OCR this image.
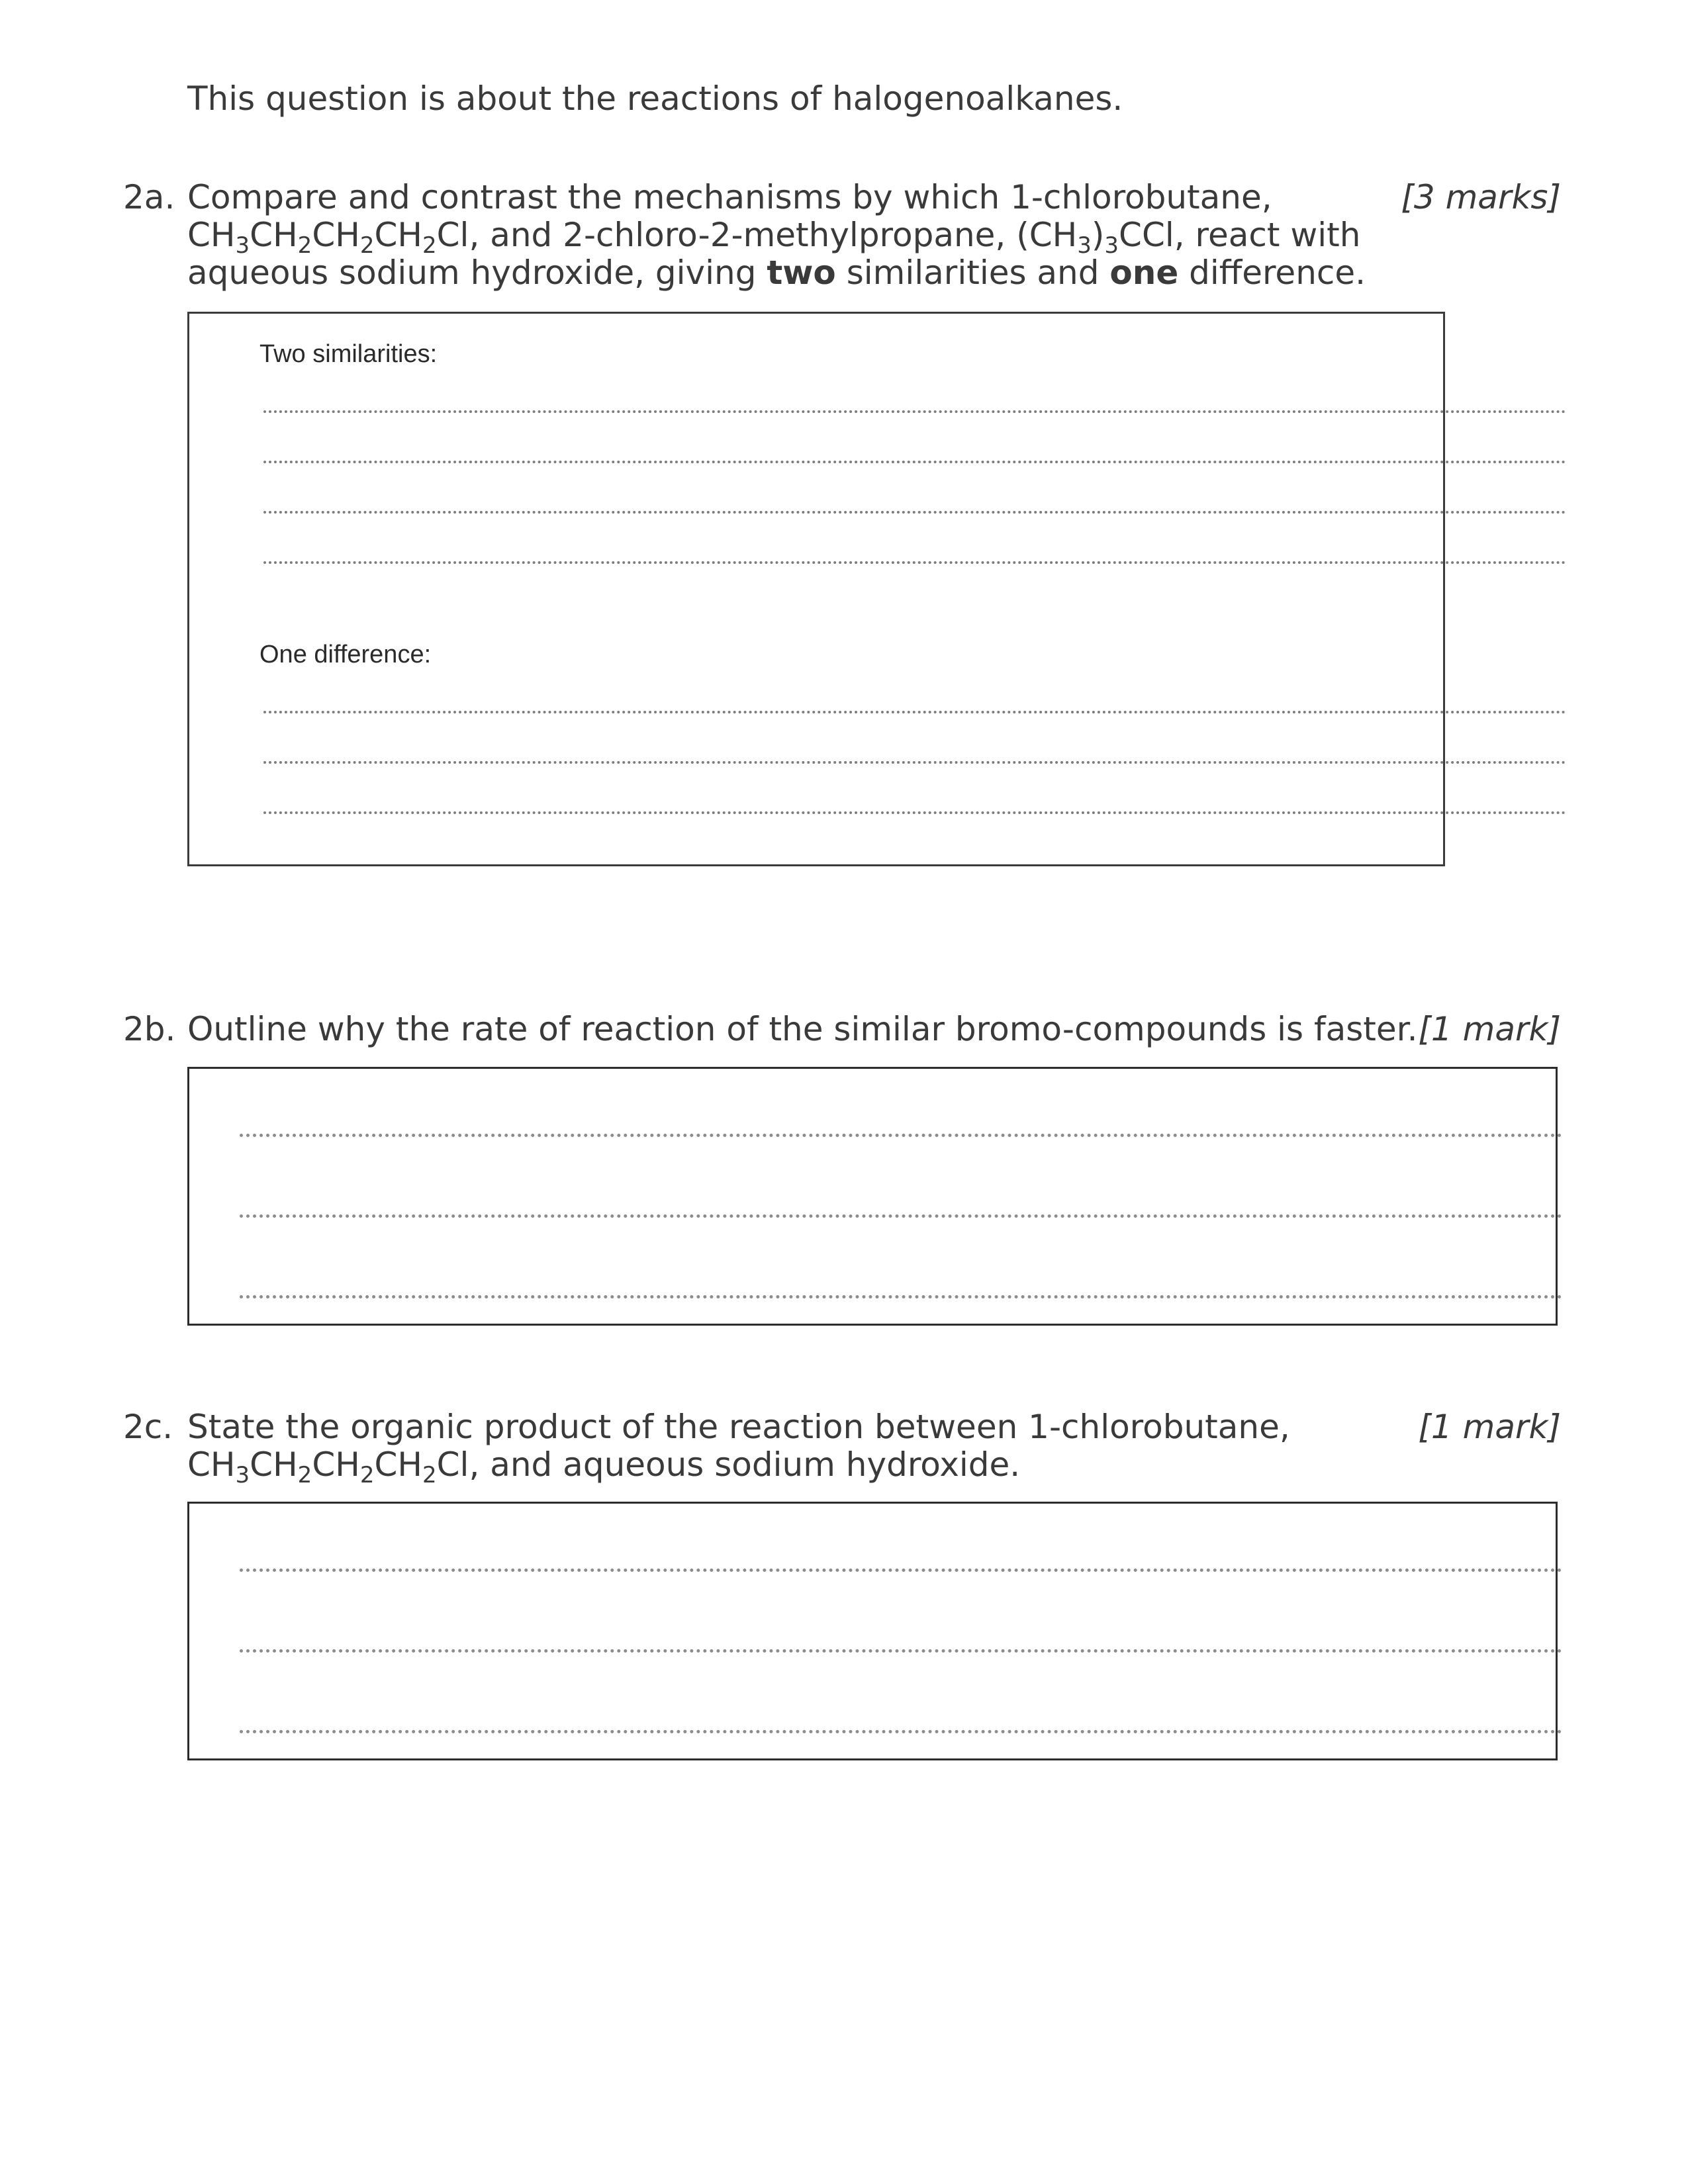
This question is about the reactions of halogenoalkanes.
2a.	[3 marks]
Compare and contrast the mechanisms by which 1-chlorobutane,
$CH_3CH_2CH_2CH_2Cl$, and 2-chloro-2-methylpropane, $(CH_3)_3CCl$, react with
aqueous sodium hydroxide, giving two similarities and one difference.
Two similarities:
One difference:
2b. Outline why the rate of reaction of the similar bromo-compounds is faster. [1 mark]
2c.	[1 mark]
State the organic product of the reaction between 1-chlorobutane,
$CH_3CH_2CH_2CH_2Cl$, and aqueous sodium hydroxide.
